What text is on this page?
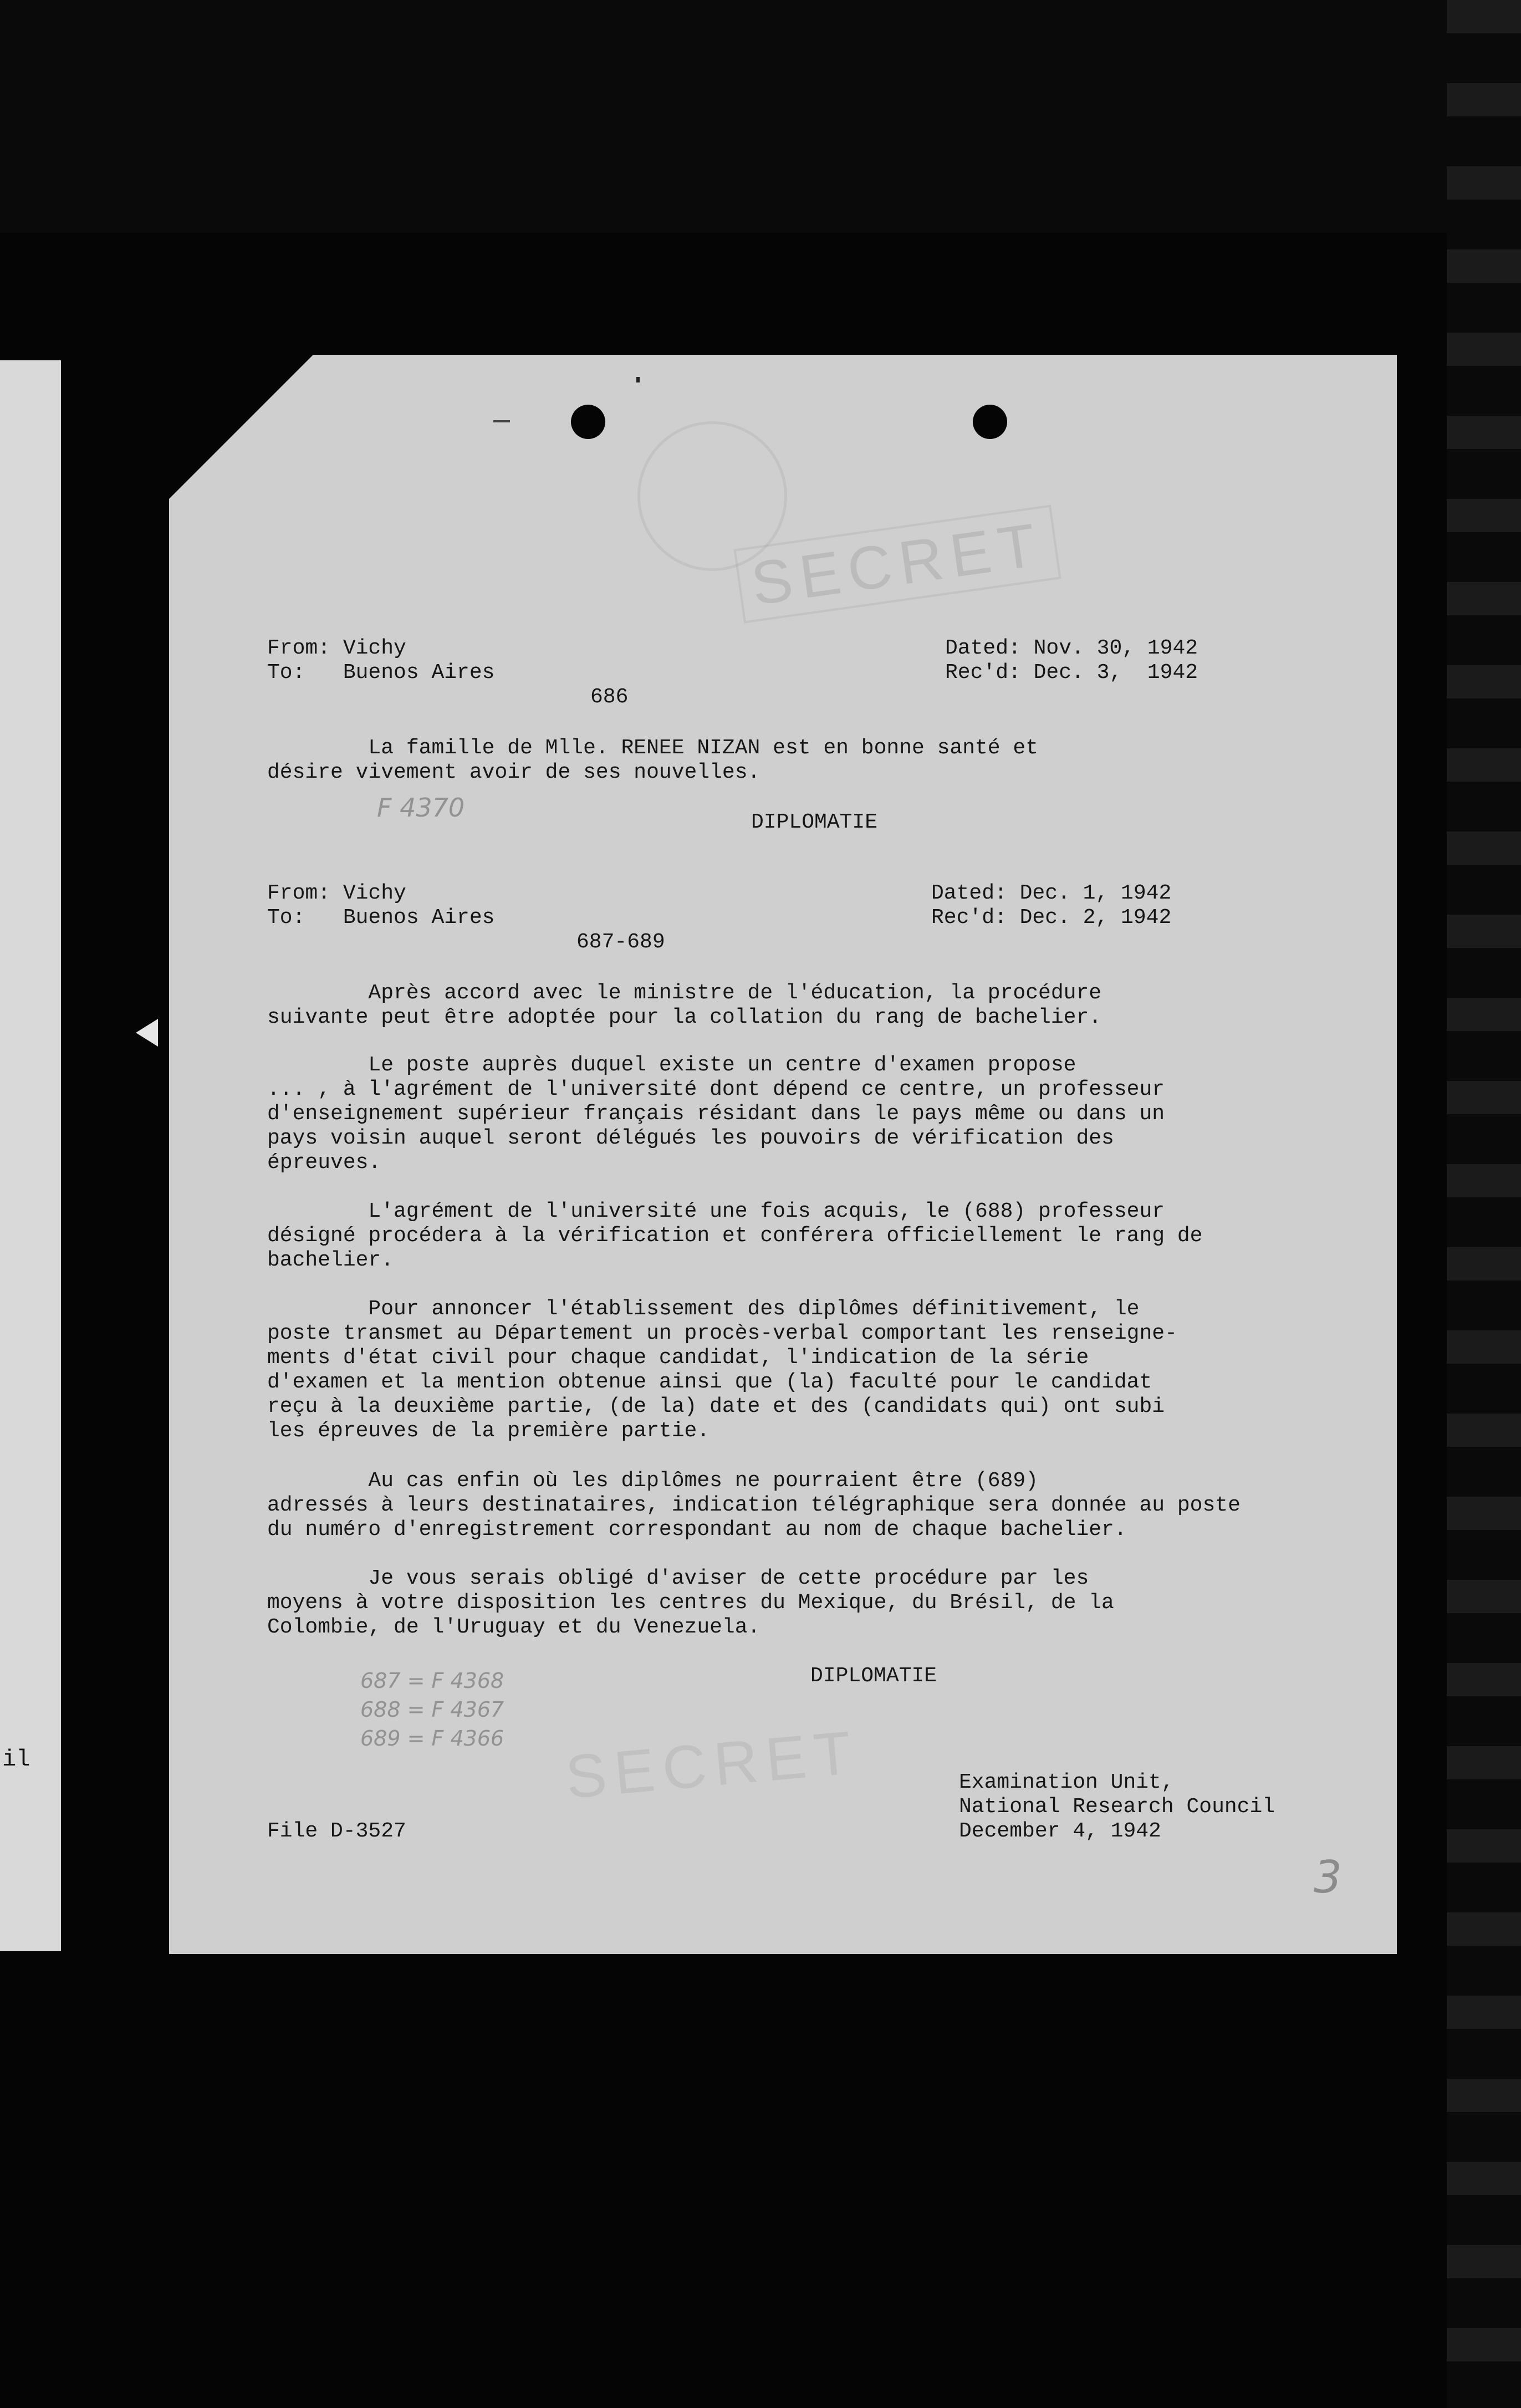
il
SECRET
SECRET
From: Vichy
To:   Buenos Aires
Dated: Nov. 30, 1942
Rec'd: Dec. 3,  1942
686
La famille de Mlle. RENEE NIZAN est en bonne santé et
désire vivement avoir de ses nouvelles.
F 4370	DIPLOMATIE
From: Vichy
To:   Buenos Aires
Dated: Dec. 1, 1942
Rec'd: Dec. 2, 1942
687-689
Après accord avec le ministre de l'éducation, la procédure
suivante peut être adoptée pour la collation du rang de bachelier.
Le poste auprès duquel existe un centre d'examen propose
... , à l'agrément de l'université dont dépend ce centre, un professeur
d'enseignement supérieur français résidant dans le pays même ou dans un
pays voisin auquel seront délégués les pouvoirs de vérification des
épreuves.
L'agrément de l'université une fois acquis, le (688) professeur
désigné procédera à la vérification et conférera officiellement le rang de
bachelier.
Pour annoncer l'établissement des diplômes définitivement, le
poste transmet au Département un procès-verbal comportant les renseigne-
ments d'état civil pour chaque candidat, l'indication de la série
d'examen et la mention obtenue ainsi que (la) faculté pour le candidat
reçu à la deuxième partie, (de la) date et des (candidats qui) ont subi
les épreuves de la première partie.
Au cas enfin où les diplômes ne pourraient être (689)
adressés à leurs destinataires, indication télégraphique sera donnée au poste
du numéro d'enregistrement correspondant au nom de chaque bachelier.
Je vous serais obligé d'aviser de cette procédure par les
moyens à votre disposition les centres du Mexique, du Brésil, de la
Colombie, de l'Uruguay et du Venezuela.
DIPLOMATIE
687 = F 4368
688 = F 4367
689 = F 4366
File D-3527
Examination Unit,
National Research Council
December 4, 1942
3
